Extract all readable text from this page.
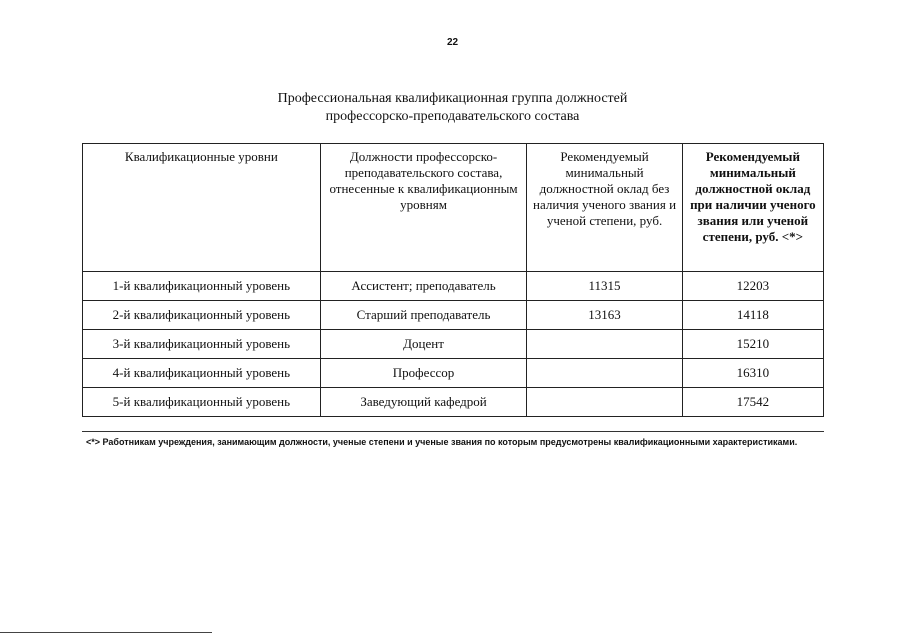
22
Профессиональная квалификационная группа должностей
профессорско-преподавательского состава
Квалификационные уровни	Должности профессорско-преподавательского состава, отнесенные к квалификационным уровням	Рекомендуемый минимальный должностной оклад без наличия ученого звания и ученой степени, руб.	Рекомендуемый минимальный должностной оклад при наличии ученого звания или ученой степени, руб. <*>
1-й квалификационный уровень	Ассистент; преподаватель	11315	12203
2-й квалификационный уровень	Старший преподаватель	13163	14118
3-й квалификационный уровень	Доцент		15210
4-й квалификационный уровень	Профессор		16310
5-й квалификационный уровень	Заведующий кафедрой		17542
<*> Работникам учреждения, занимающим должности, ученые степени и ученые звания по которым предусмотрены квалификационными характеристиками.
